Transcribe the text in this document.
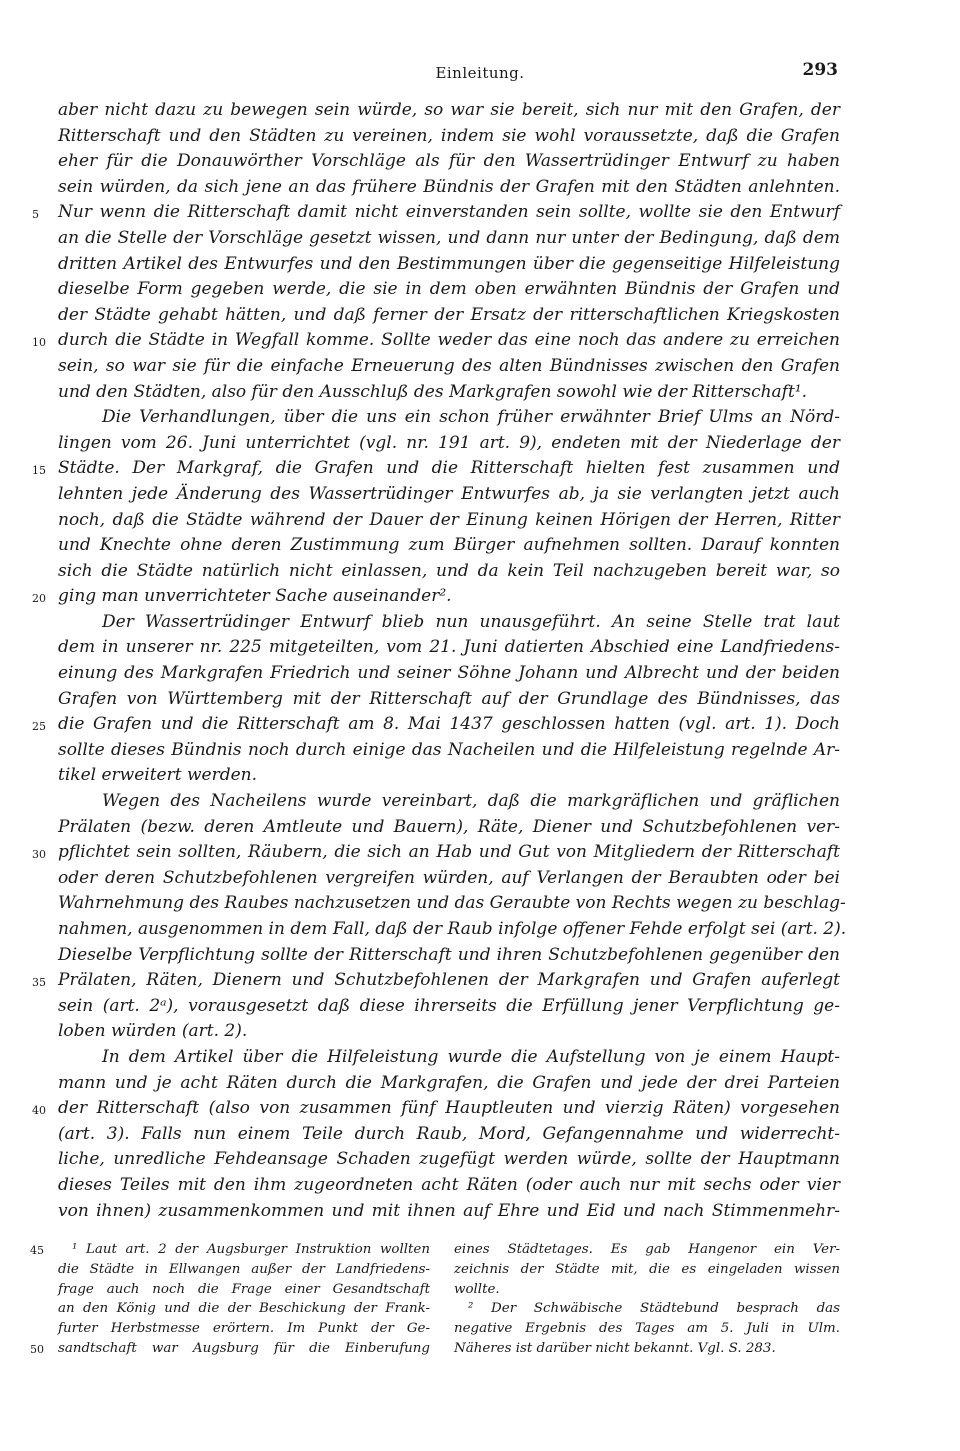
Einleitung.	293
aber nicht dazu zu bewegen sein würde, so war sie bereit, sich nur mit den Grafen, der
Ritterschaft und den Städten zu vereinen, indem sie wohl voraussetzte, daß die Grafen
eher für die Donauwörther Vorschläge als für den Wassertrüdinger Entwurf zu haben
sein würden, da sich jene an das frühere Bündnis der Grafen mit den Städten anlehnten.
5	Nur wenn die Ritterschaft damit nicht einverstanden sein sollte, wollte sie den Entwurf
an die Stelle der Vorschläge gesetzt wissen, und dann nur unter der Bedingung, daß dem
dritten Artikel des Entwurfes und den Bestimmungen über die gegenseitige Hilfeleistung
dieselbe Form gegeben werde, die sie in dem oben erwähnten Bündnis der Grafen und
der Städte gehabt hätten, und daß ferner der Ersatz der ritterschaftlichen Kriegskosten
10 durch die Städte in Wegfall komme. Sollte weder das eine noch das andere zu erreichen
sein, so war sie für die einfache Erneuerung des alten Bündnisses zwischen den Grafen
und den Städten, also für den Ausschluß des Markgrafen sowohl wie der Ritterschaft¹.
Die Verhandlungen, über die uns ein schon früher erwähnter Brief Ulms an Nörd-
lingen vom 26. Juni unterrichtet (vgl. nr. 191 art. 9), endeten mit der Niederlage der
15 Städte. Der Markgraf, die Grafen und die Ritterschaft hielten fest zusammen und
lehnten jede Änderung des Wassertrüdinger Entwurfes ab, ja sie verlangten jetzt auch
noch, daß die Städte während der Dauer der Einung keinen Hörigen der Herren, Ritter
und Knechte ohne deren Zustimmung zum Bürger aufnehmen sollten. Darauf konnten
sich die Städte natürlich nicht einlassen, und da kein Teil nachzugeben bereit war, so
20 ging man unverrichteter Sache auseinander².
Der Wassertrüdinger Entwurf blieb nun unausgeführt. An seine Stelle trat laut
dem in unserer nr. 225 mitgeteilten, vom 21. Juni datierten Abschied eine Landfriedens-
einung des Markgrafen Friedrich und seiner Söhne Johann und Albrecht und der beiden
Grafen von Württemberg mit der Ritterschaft auf der Grundlage des Bündnisses, das
25 die Grafen und die Ritterschaft am 8. Mai 1437 geschlossen hatten (vgl. art. 1). Doch
sollte dieses Bündnis noch durch einige das Nacheilen und die Hilfeleistung regelnde Ar-
tikel erweitert werden.
Wegen des Nacheilens wurde vereinbart, daß die markgräflichen und gräflichen
Prälaten (bezw. deren Amtleute und Bauern), Räte, Diener und Schutzbefohlenen ver-
30 pflichtet sein sollten, Räubern, die sich an Hab und Gut von Mitgliedern der Ritterschaft
oder deren Schutzbefohlenen vergreifen würden, auf Verlangen der Beraubten oder bei
Wahrnehmung des Raubes nachzusetzen und das Geraubte von Rechts wegen zu beschlag-
nahmen, ausgenommen in dem Fall, daß der Raub infolge offener Fehde erfolgt sei (art. 2).
Dieselbe Verpflichtung sollte der Ritterschaft und ihren Schutzbefohlenen gegenüber den
35 Prälaten, Räten, Dienern und Schutzbefohlenen der Markgrafen und Grafen auferlegt
sein (art. 2ᵃ), vorausgesetzt daß diese ihrerseits die Erfüllung jener Verpflichtung ge-
loben würden (art. 2).
In dem Artikel über die Hilfeleistung wurde die Aufstellung von je einem Haupt-
mann und je acht Räten durch die Markgrafen, die Grafen und jede der drei Parteien
40 der Ritterschaft (also von zusammen fünf Hauptleuten und vierzig Räten) vorgesehen
(art. 3). Falls nun einem Teile durch Raub, Mord, Gefangennahme und widerrecht-
liche, unredliche Fehdeansage Schaden zugefügt werden würde, sollte der Hauptmann
dieses Teiles mit den ihm zugeordneten acht Räten (oder auch nur mit sechs oder vier
von ihnen) zusammenkommen und mit ihnen auf Ehre und Eid und nach Stimmenmehr-
45	¹ Laut art. 2 der Augsburger Instruktion wollten
die Städte in Ellwangen außer der Landfriedens-
frage auch noch die Frage einer Gesandtschaft
an den König und die der Beschickung der Frank-
furter Herbstmesse erörtern. Im Punkt der Ge-
50	sandtschaft war Augsburg für die Einberufung
eines Städtetages. Es gab Hangenor ein Ver-
zeichnis der Städte mit, die es eingeladen wissen
wollte.
² Der Schwäbische Städtebund besprach das
negative Ergebnis des Tages am 5. Juli in Ulm.
Näheres ist darüber nicht bekannt. Vgl. S. 283.
